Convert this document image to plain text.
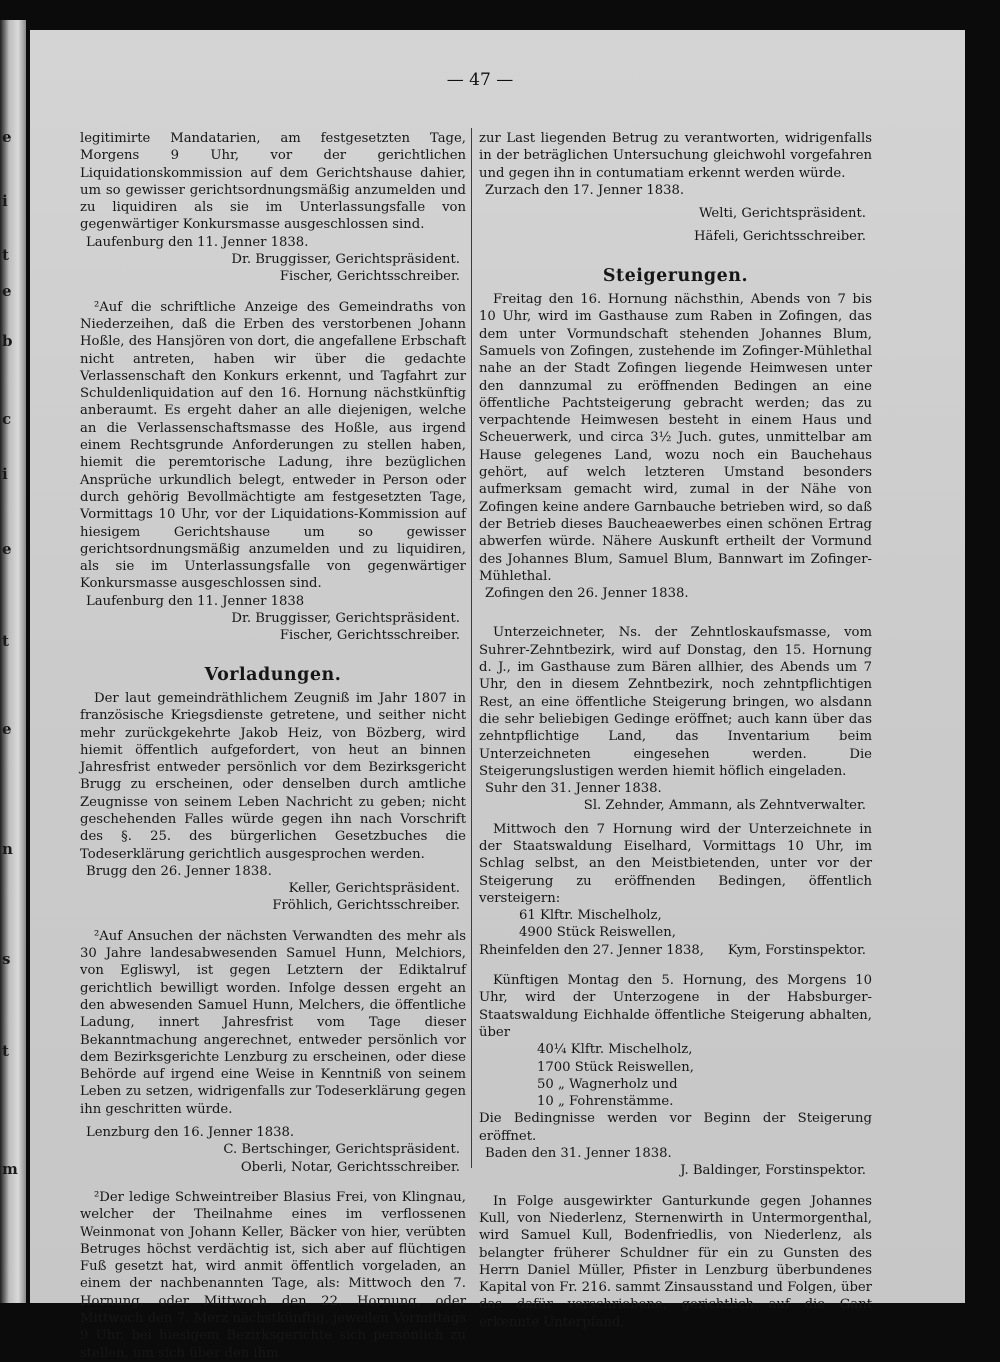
e
i
t
e
b
c
i
e
t
e
n
s
t
m
— 47 —

legitimirte Mandatarien, am festgesetzten Tage, Morgens 9 Uhr, vor der gerichtlichen Liquidationskommission auf dem Gerichtshause dahier, um so gewisser gerichtsordnungsmäßig anzumelden und zu liquidiren als sie im Unterlassungsfalle von gegenwärtiger Konkursmasse ausgeschlossen sind.

Laufenburg den 11. Jenner 1838.
Dr. Bruggisser, Gerichtspräsident.
Fischer, Gerichtsschreiber.

²Auf die schriftliche Anzeige des Gemeindraths von Niederzeihen, daß die Erben des verstorbenen Johann Hoßle, des Hansjören von dort, die angefallene Erbschaft nicht antreten, haben wir über die gedachte Verlassenschaft den Konkurs erkennt, und Tagfahrt zur Schuldenliquidation auf den 16. Hornung nächstkünftig anberaumt. Es ergeht daher an alle diejenigen, welche an die Verlassenschaftsmasse des Hoßle, aus irgend einem Rechtsgrunde Anforderungen zu stellen haben, hiemit die peremtorische Ladung, ihre bezüglichen Ansprüche urkundlich belegt, entweder in Person oder durch gehörig Bevollmächtigte am festgesetzten Tage, Vormittags 10 Uhr, vor der Liquidations-Kommission auf hiesigem Gerichtshause um so gewisser gerichtsordnungsmäßig anzumelden und zu liquidiren, als sie im Unterlassungsfalle von gegenwärtiger Konkursmasse ausgeschlossen sind.

Laufenburg den 11. Jenner 1838
Dr. Bruggisser, Gerichtspräsident.
Fischer, Gerichtsschreiber.
Vorladungen.

Der laut gemeindräthlichem Zeugniß im Jahr 1807 in französische Kriegsdienste getretene, und seither nicht mehr zurückgekehrte Jakob Heiz, von Bözberg, wird hiemit öffentlich aufgefordert, von heut an binnen Jahresfrist entweder persönlich vor dem Bezirksgericht Brugg zu erscheinen, oder denselben durch amtliche Zeugnisse von seinem Leben Nachricht zu geben; nicht geschehenden Falles würde gegen ihn nach Vorschrift des §. 25. des bürgerlichen Gesetzbuches die Todeserklärung gerichtlich ausgesprochen werden.

Brugg den 26. Jenner 1838.
Keller, Gerichtspräsident.
Fröhlich, Gerichtsschreiber.

²Auf Ansuchen der nächsten Verwandten des mehr als 30 Jahre landesabwesenden Samuel Hunn, Melchiors, von Egliswyl, ist gegen Letztern der Ediktalruf gerichtlich bewilligt worden. Infolge dessen ergeht an den abwesenden Samuel Hunn, Melchers, die öffentliche Ladung, innert Jahresfrist vom Tage dieser Bekanntmachung angerechnet, entweder persönlich vor dem Bezirksgerichte Lenzburg zu erscheinen, oder diese Behörde auf irgend eine Weise in Kenntniß von seinem Leben zu setzen, widrigenfalls zur Todeserklärung gegen ihn geschritten würde.

Lenzburg den 16. Jenner 1838.
C. Bertschinger, Gerichtspräsident.
Oberli, Notar, Gerichtsschreiber.

²Der ledige Schweintreiber Blasius Frei, von Klingnau, welcher der Theilnahme eines im verflossenen Weinmonat von Johann Keller, Bäcker von hier, verübten Betruges höchst verdächtig ist, sich aber auf flüchtigen Fuß gesetzt hat, wird anmit öffentlich vorgeladen, an einem der nachbenannten Tage, als: Mittwoch den 7. Hornung, oder Mittwoch den 22. Hornung, oder Mittwoch den 7. Merz nächstkünftig, jeweilen Vormittags 9 Uhr, bei hiesigem Bezirksgerichte sich persönlich zu stellen, um sich über den ihm

zur Last liegenden Betrug zu verantworten, widrigenfalls in der beträglichen Untersuchung gleichwohl vorgefahren und gegen ihn in contumatiam erkennt werden würde.

Zurzach den 17. Jenner 1838.
Welti, Gerichtspräsident.
Häfeli, Gerichtsschreiber.
Steigerungen.

Freitag den 16. Hornung nächsthin, Abends von 7 bis 10 Uhr, wird im Gasthause zum Raben in Zofingen, das dem unter Vormundschaft stehenden Johannes Blum, Samuels von Zofingen, zustehende im Zofinger-Mühlethal nahe an der Stadt Zofingen liegende Heimwesen unter den dannzumal zu eröffnenden Bedingen an eine öffentliche Pachtsteigerung gebracht werden; das zu verpachtende Heimwesen besteht in einem Haus und Scheuerwerk, und circa 3½ Juch. gutes, unmittelbar am Hause gelegenes Land, wozu noch ein Bauchehaus gehört, auf welch letzteren Umstand besonders aufmerksam gemacht wird, zumal in der Nähe von Zofingen keine andere Garnbauche betrieben wird, so daß der Betrieb dieses Baucheaewerbes einen schönen Ertrag abwerfen würde. Nähere Auskunft ertheilt der Vormund des Johannes Blum, Samuel Blum, Bannwart im Zofinger-Mühlethal.

Zofingen den 26. Jenner 1838.

Unterzeichneter, Ns. der Zehntloskaufsmasse, vom Suhrer-Zehntbezirk, wird auf Donstag, den 15. Hornung d. J., im Gasthause zum Bären allhier, des Abends um 7 Uhr, den in diesem Zehntbezirk, noch zehntpflichtigen Rest, an eine öffentliche Steigerung bringen, wo alsdann die sehr beliebigen Gedinge eröffnet; auch kann über das zehntpflichtige Land, das Inventarium beim Unterzeichneten eingesehen werden. Die Steigerungslustigen werden hiemit höflich eingeladen.

Suhr den 31. Jenner 1838.
Sl. Zehnder, Ammann, als Zehntverwalter.

Mittwoch den 7 Hornung wird der Unterzeichnete in der Staatswaldung Eiselhard, Vormittags 10 Uhr, im Schlag selbst, an den Meistbietenden, unter vor der Steigerung zu eröffnenden Bedingen, öffentlich versteigern:

61 Klftr. Mischelholz,
4900 Stück Reiswellen,
Rheinfelden den 27. Jenner 1838, Kym, Forstinspektor.

Künftigen Montag den 5. Hornung, des Morgens 10 Uhr, wird der Unterzogene in der Habsburger-Staatswaldung Eichhalde öffentliche Steigerung abhalten, über

40¼ Klftr. Mischelholz,
1700 Stück Reiswellen,
50 „ Wagnerholz und
10 „ Fohrenstämme.

Die Bedingnisse werden vor Beginn der Steigerung eröffnet.

Baden den 31. Jenner 1838.
J. Baldinger, Forstinspektor.

In Folge ausgewirkter Ganturkunde gegen Johannes Kull, von Niederlenz, Sternenwirth in Untermorgenthal, wird Samuel Kull, Bodenfriedlis, von Niederlenz, als belangter früherer Schuldner für ein zu Gunsten des Herrn Daniel Müller, Pfister in Lenzburg überbundenes Kapital von Fr. 216. sammt Zinsausstand und Folgen, über das dafür verschriebene, gerichtlich auf die Gant erkennte Unterpfand,
